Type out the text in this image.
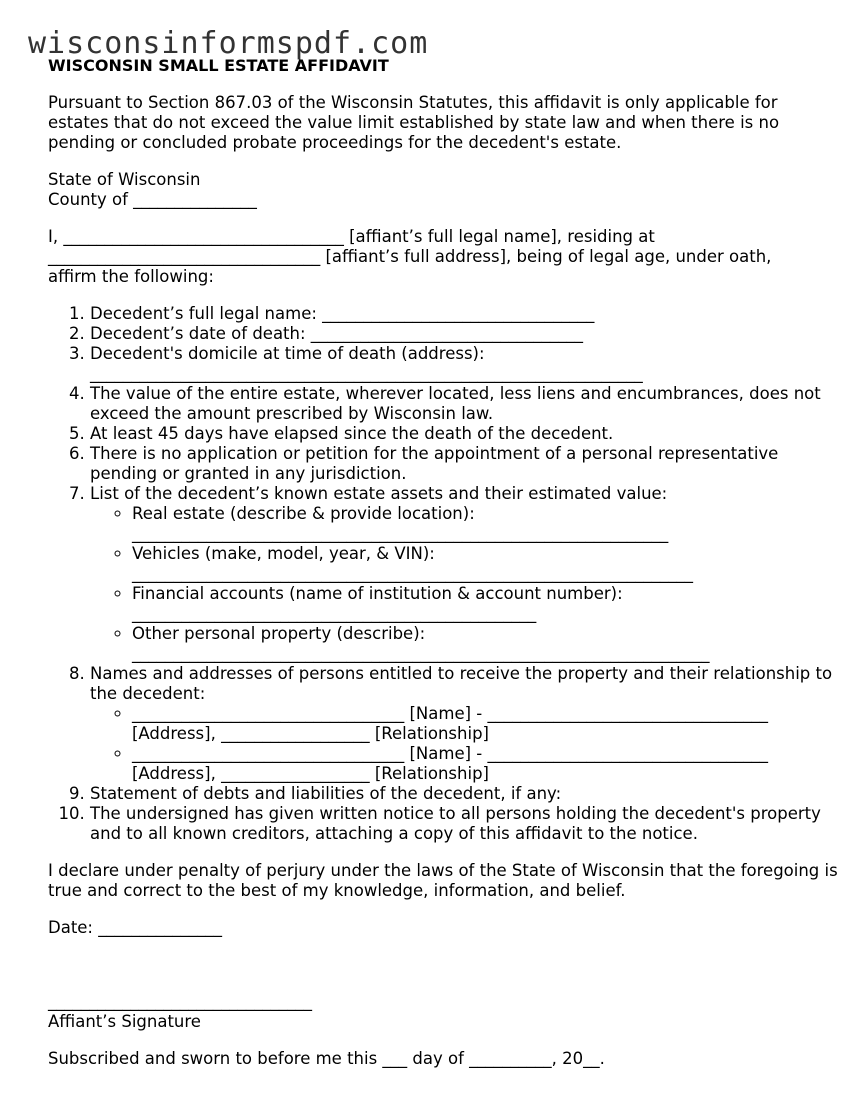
wisconsinformspdf.com
WISCONSIN SMALL ESTATE AFFIDAVIT

Pursuant to Section 867.03 of the Wisconsin Statutes, this affidavit is only applicable for estates that do not exceed the value limit established by state law and when there is no pending or concluded probate proceedings for the decedent's estate.

State of Wisconsin
County of _______________

I, __________________________________ [affiant’s full legal name], residing at
_________________________________ [affiant’s full address], being of legal age, under oath,
affirm the following:

1. Decedent’s full legal name: _________________________________
2. Decedent’s date of death: _________________________________
3. Decedent's domicile at time of death (address):
___________________________________________________________________
4. The value of the entire estate, wherever located, less liens and encumbrances, does not exceed the amount prescribed by Wisconsin law.
5. At least 45 days have elapsed since the death of the decedent.
6. There is no application or petition for the appointment of a personal representative pending or granted in any jurisdiction.
7. List of the decedent’s known estate assets and their estimated value:
◦ Real estate (describe & provide location):
_________________________________________________________________
◦ Vehicles (make, model, year, & VIN):
____________________________________________________________________
◦ Financial accounts (name of institution & account number):
_________________________________________________
◦ Other personal property (describe):
______________________________________________________________________
8. Names and addresses of persons entitled to receive the property and their relationship to the decedent:
◦ _________________________________ [Name] - __________________________________
[Address], __________________ [Relationship]
◦ _________________________________ [Name] - __________________________________
[Address], __________________ [Relationship]
9. Statement of debts and liabilities of the decedent, if any:
10. The undersigned has given written notice to all persons holding the decedent's property and to all known creditors, attaching a copy of this affidavit to the notice.

I declare under penalty of perjury under the laws of the State of Wisconsin that the foregoing is true and correct to the best of my knowledge, information, and belief.

Date: _______________

________________________________
Affiant’s Signature

Subscribed and sworn to before me this ___ day of __________, 20__.
